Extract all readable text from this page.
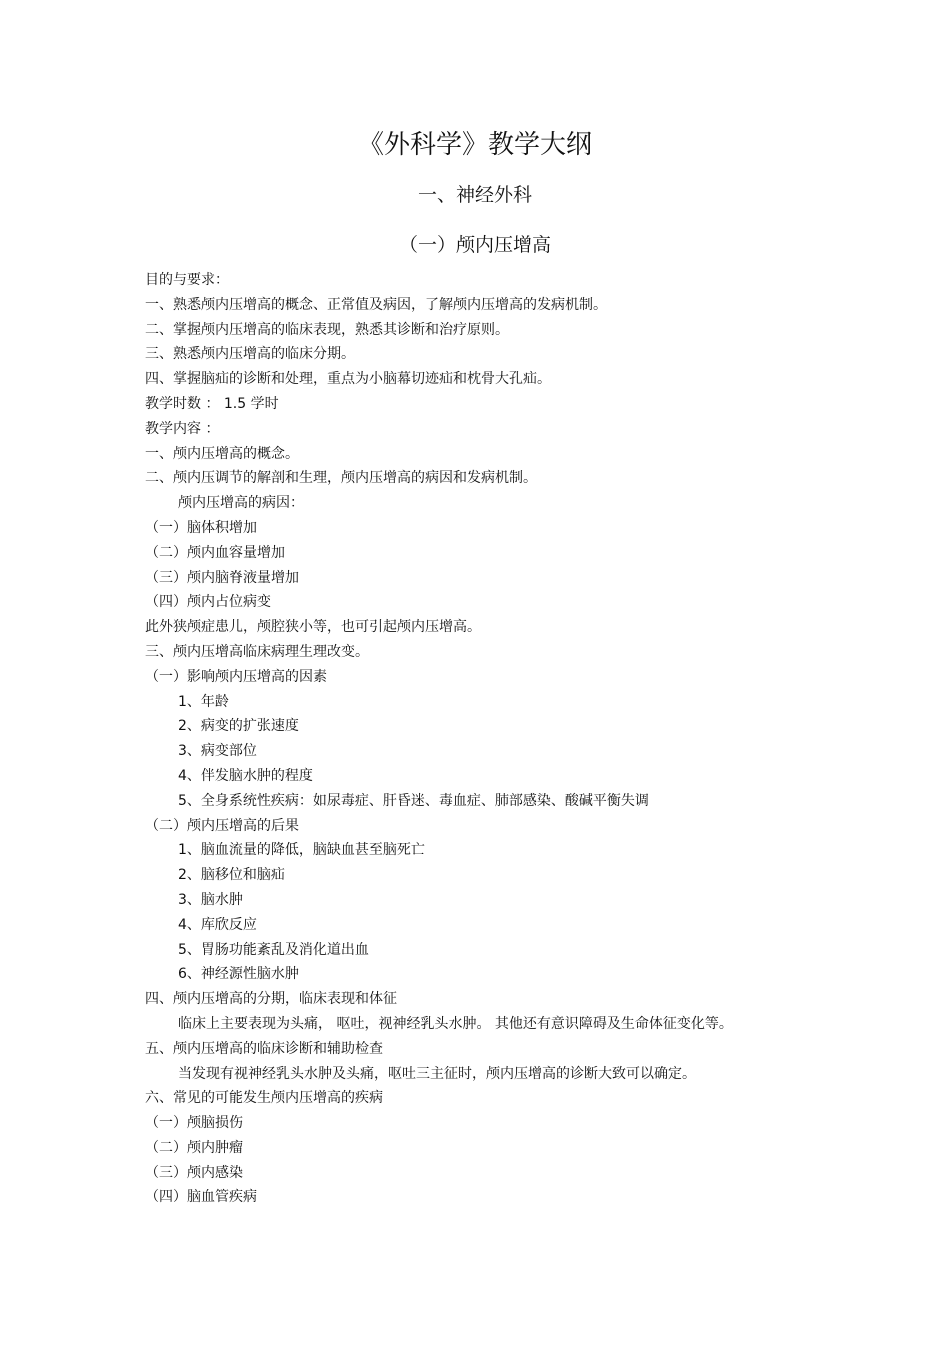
《外科学》教学大纲
一、神经外科
（一）颅内压增高
目的与要求：
一、熟悉颅内压增高的概念、正常值及病因，了解颅内压增高的发病机制。
二、掌握颅内压增高的临床表现，熟悉其诊断和治疗原则。
三、熟悉颅内压增高的临床分期。
四、掌握脑疝的诊断和处理，重点为小脑幕切迹疝和枕骨大孔疝。
教学时数 ： 1.5 学时
教学内容 ：
一、颅内压增高的概念。
二、颅内压调节的解剖和生理，颅内压增高的病因和发病机制。
颅内压增高的病因：
（一）脑体积增加
（二）颅内血容量增加
（三）颅内脑脊液量增加
（四）颅内占位病变
此外狭颅症患儿，颅腔狭小等，也可引起颅内压增高。
三、颅内压增高临床病理生理改变。
（一）影响颅内压增高的因素
1、年龄
2、病变的扩张速度
3、病变部位
4、伴发脑水肿的程度
5、全身系统性疾病：如尿毒症、肝昏迷、毒血症、肺部感染、酸碱平衡失调
（二）颅内压增高的后果
1、脑血流量的降低，脑缺血甚至脑死亡
2、脑移位和脑疝
3、脑水肿
4、库欣反应
5、胃肠功能紊乱及消化道出血
6、神经源性脑水肿
四、颅内压增高的分期，临床表现和体征
临床上主要表现为头痛， 呕吐，视神经乳头水肿。 其他还有意识障碍及生命体征变化等。
五、颅内压增高的临床诊断和辅助检查
当发现有视神经乳头水肿及头痛，呕吐三主征时，颅内压增高的诊断大致可以确定。
六、常见的可能发生颅内压增高的疾病
（一）颅脑损伤
（二）颅内肿瘤
（三）颅内感染
（四）脑血管疾病
